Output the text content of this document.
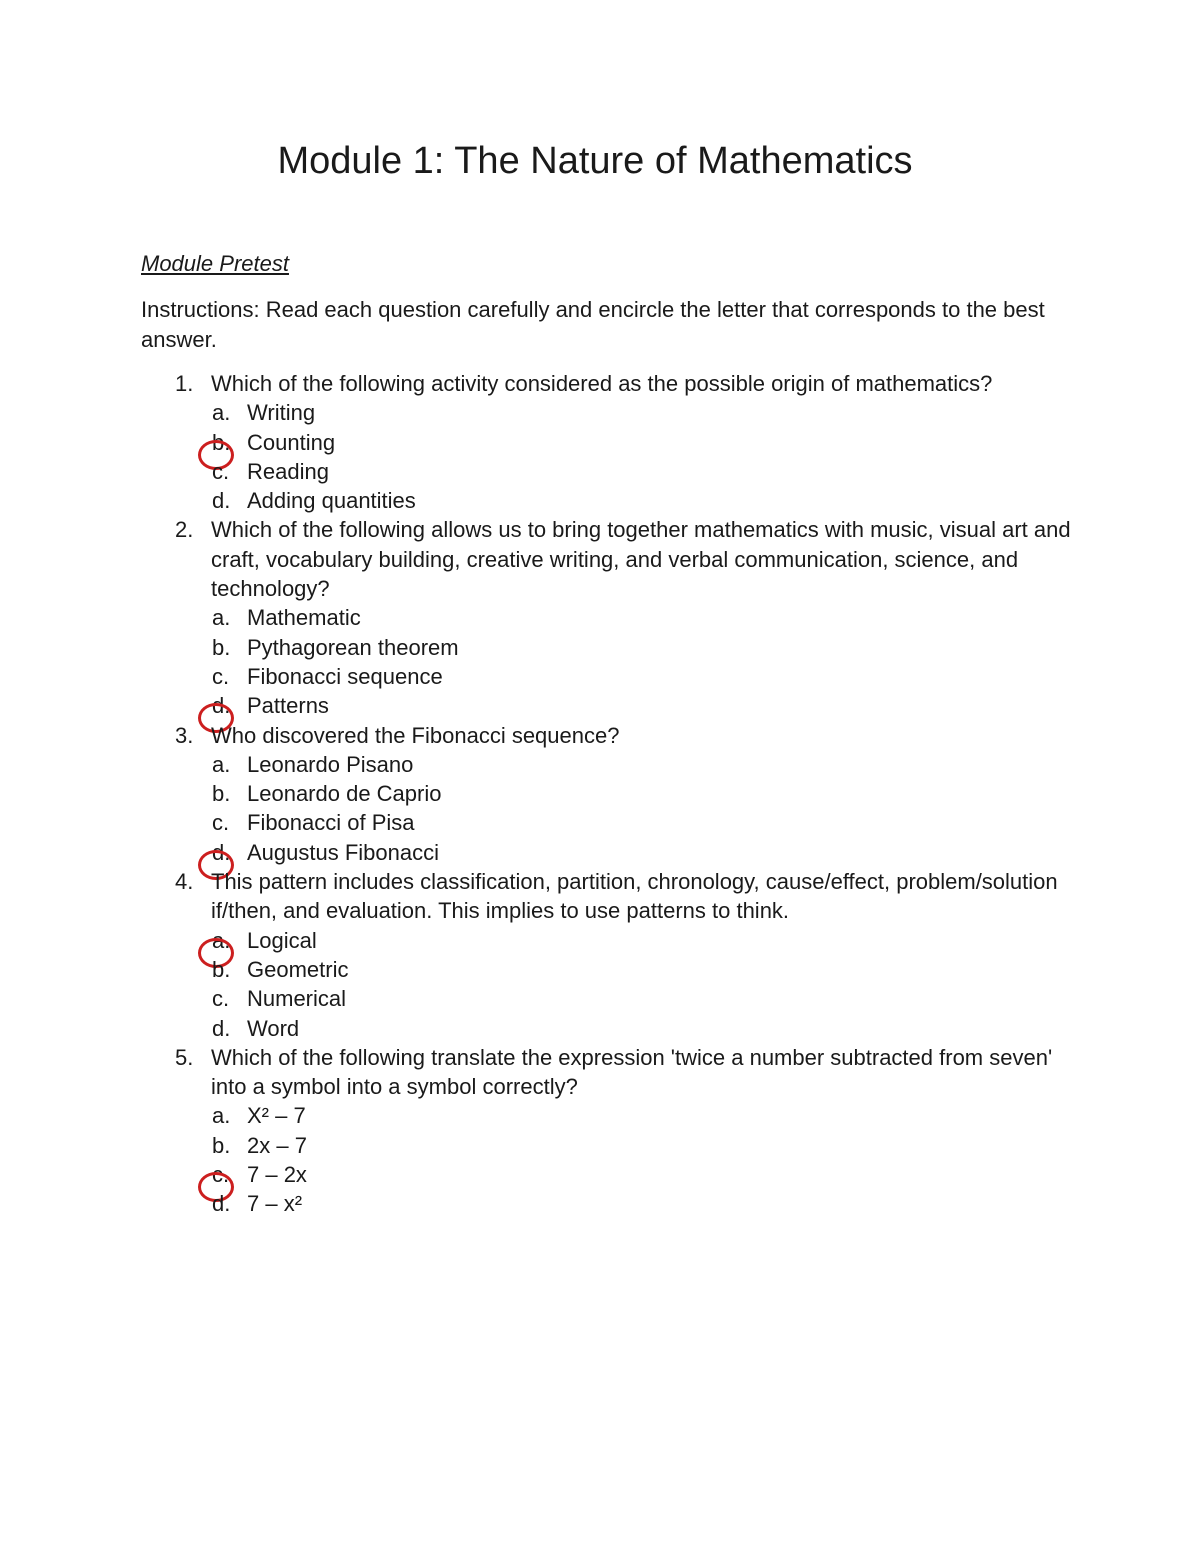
Module 1: The Nature of Mathematics

Module Pretest

Instructions: Read each question carefully and encircle the letter that corresponds to the best answer.

1. Which of the following activity considered as the possible origin of mathematics?
a. Writing
b. Counting
c. Reading
d. Adding quantities
2. Which of the following allows us to bring together mathematics with music, visual art and craft, vocabulary building, creative writing, and verbal communication, science, and technology?
a. Mathematic
b. Pythagorean theorem
c. Fibonacci sequence
d. Patterns
3. Who discovered the Fibonacci sequence?
a. Leonardo Pisano
b. Leonardo de Caprio
c. Fibonacci of Pisa
d. Augustus Fibonacci
4. This pattern includes classification, partition, chronology, cause/effect, problem/solution if/then, and evaluation. This implies to use patterns to think.
a. Logical
b. Geometric
c. Numerical
d. Word
5. Which of the following translate the expression 'twice a number subtracted from seven' into a symbol into a symbol correctly?
a. X² – 7
b. 2x – 7
c. 7 – 2x
d. 7 – x²
